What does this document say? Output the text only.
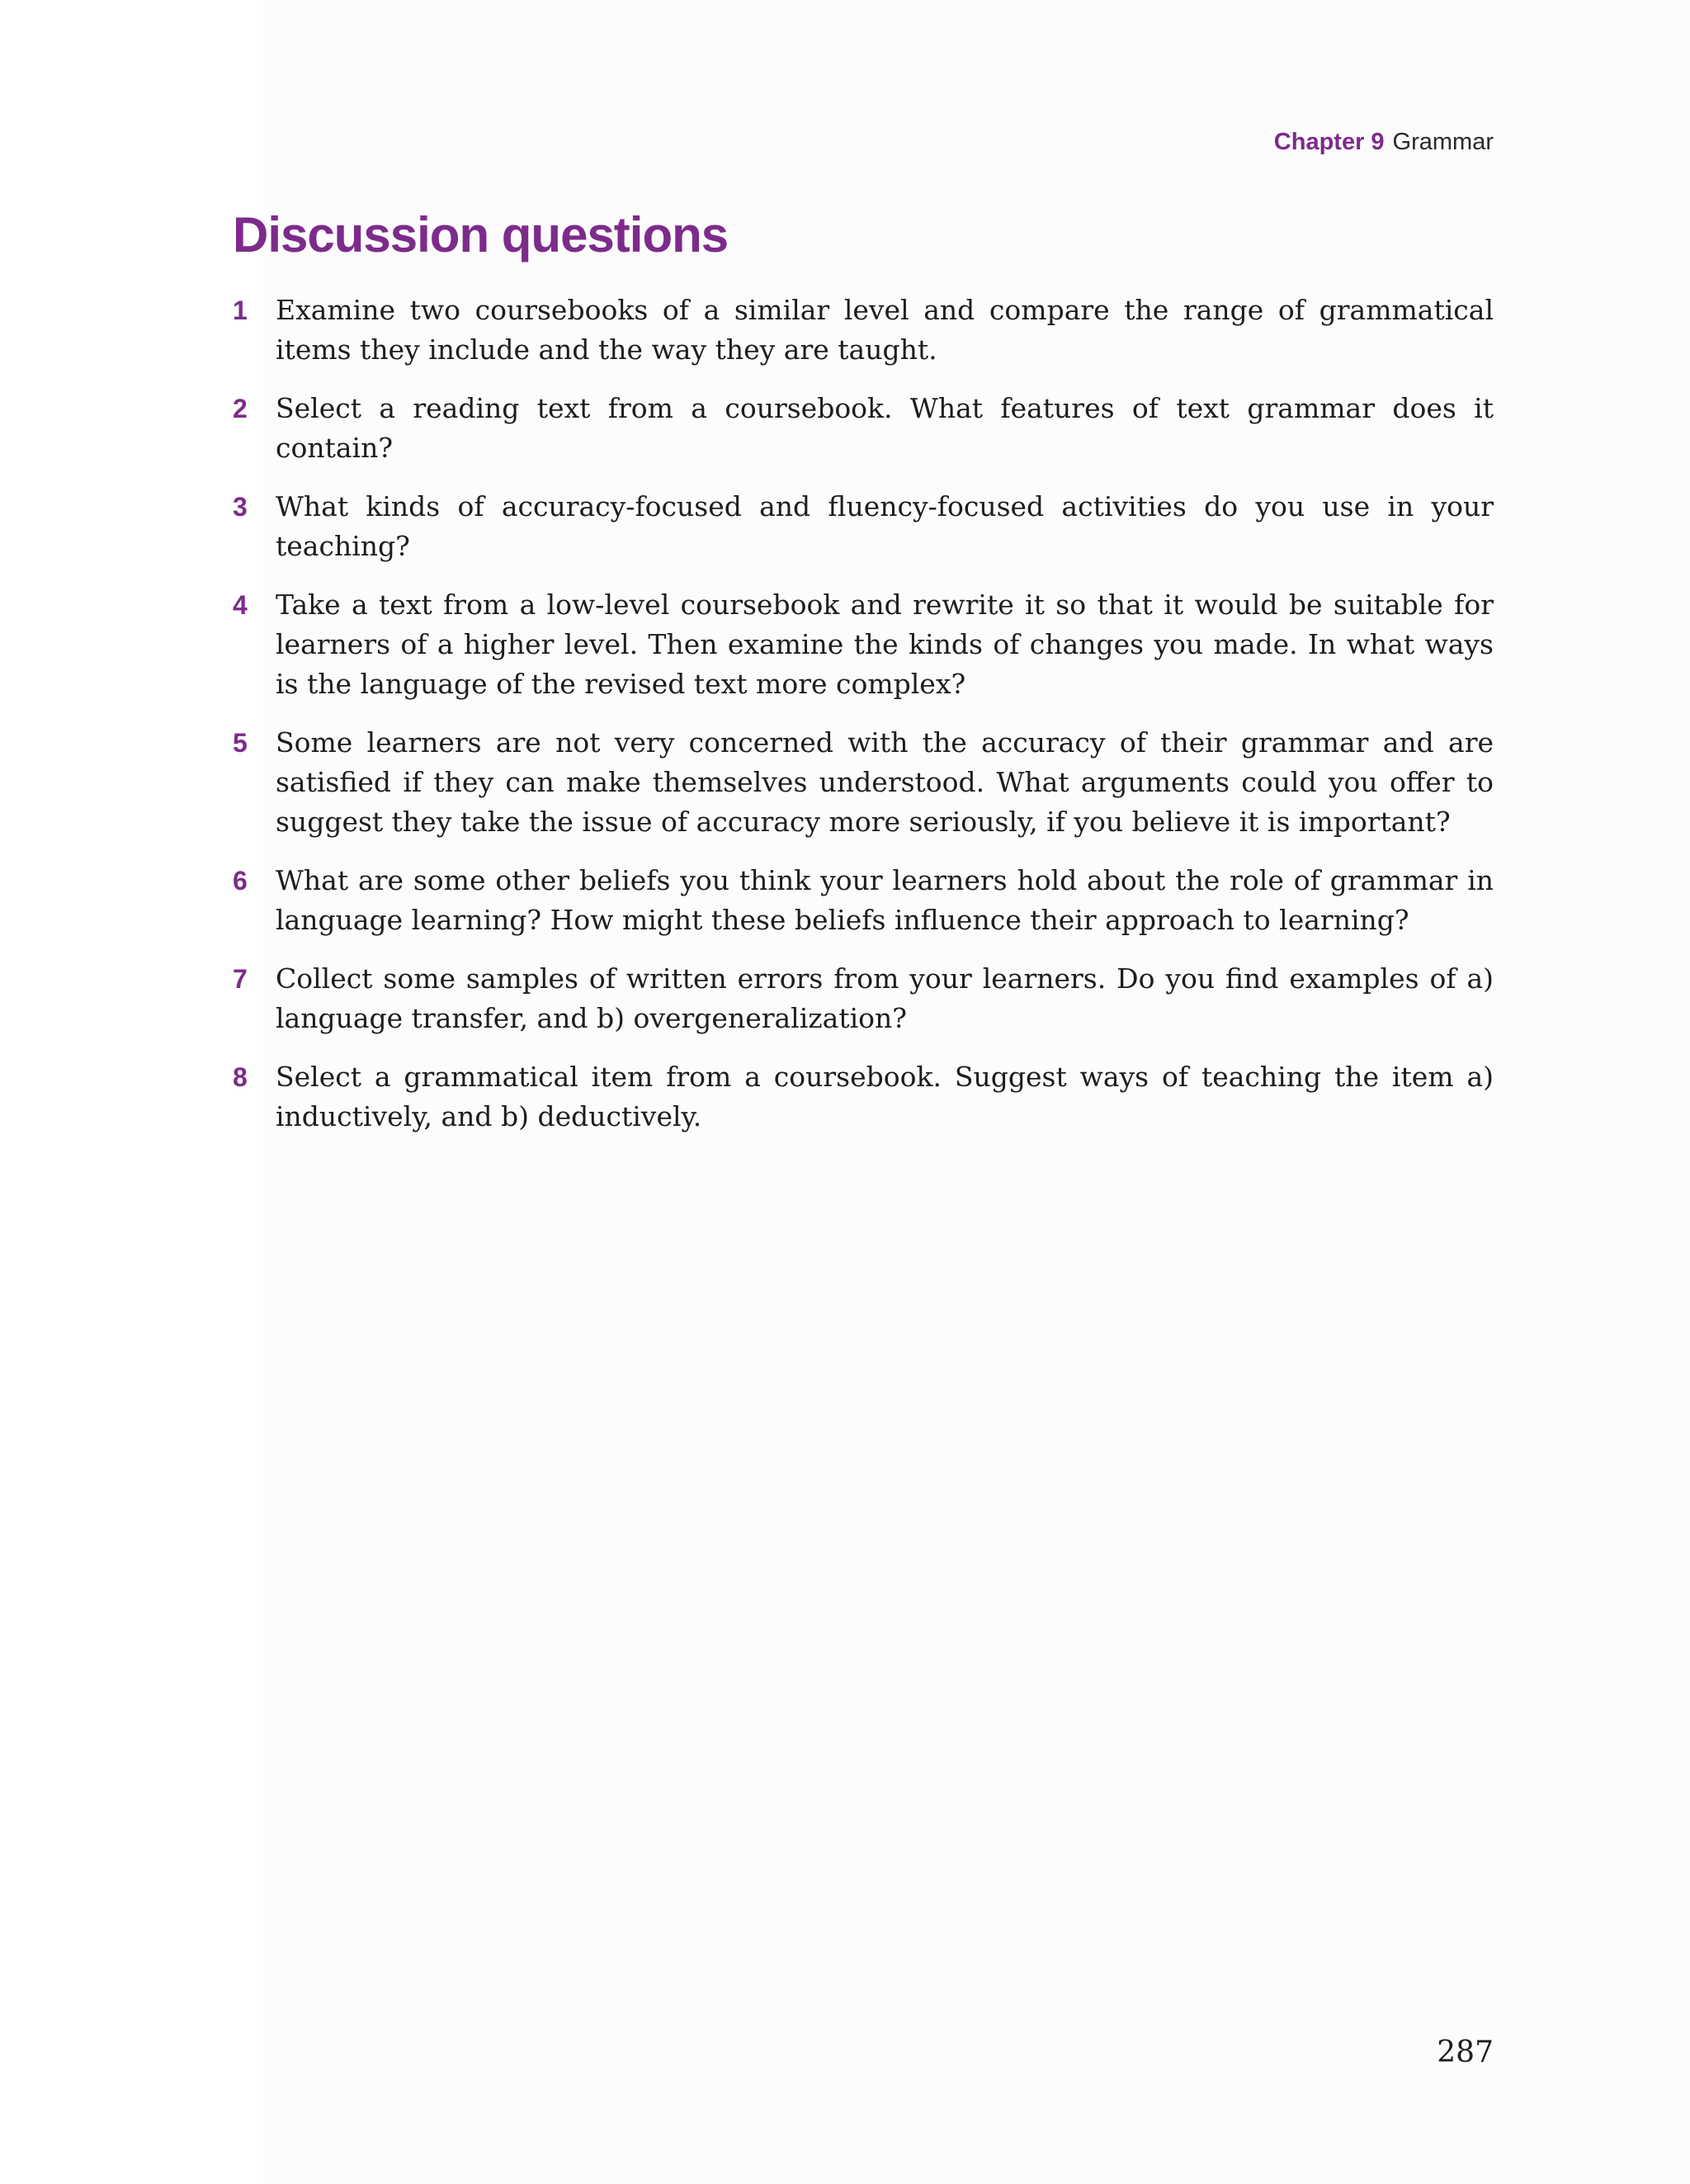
Chapter 9 Grammar
Discussion questions
1 Examine two coursebooks of a similar level and compare the range of grammatical items they include and the way they are taught.
2 Select a reading text from a coursebook. What features of text grammar does it contain?
3 What kinds of accuracy-focused and fluency-focused activities do you use in your teaching?
4 Take a text from a low-level coursebook and rewrite it so that it would be suitable for learners of a higher level. Then examine the kinds of changes you made. In what ways is the language of the revised text more complex?
5 Some learners are not very concerned with the accuracy of their grammar and are satisfied if they can make themselves understood. What arguments could you offer to suggest they take the issue of accuracy more seriously, if you believe it is important?
6 What are some other beliefs you think your learners hold about the role of grammar in language learning? How might these beliefs influence their approach to learning?
7 Collect some samples of written errors from your learners. Do you find examples of a) language transfer, and b) overgeneralization?
8 Select a grammatical item from a coursebook. Suggest ways of teaching the item a) inductively, and b) deductively.
287
